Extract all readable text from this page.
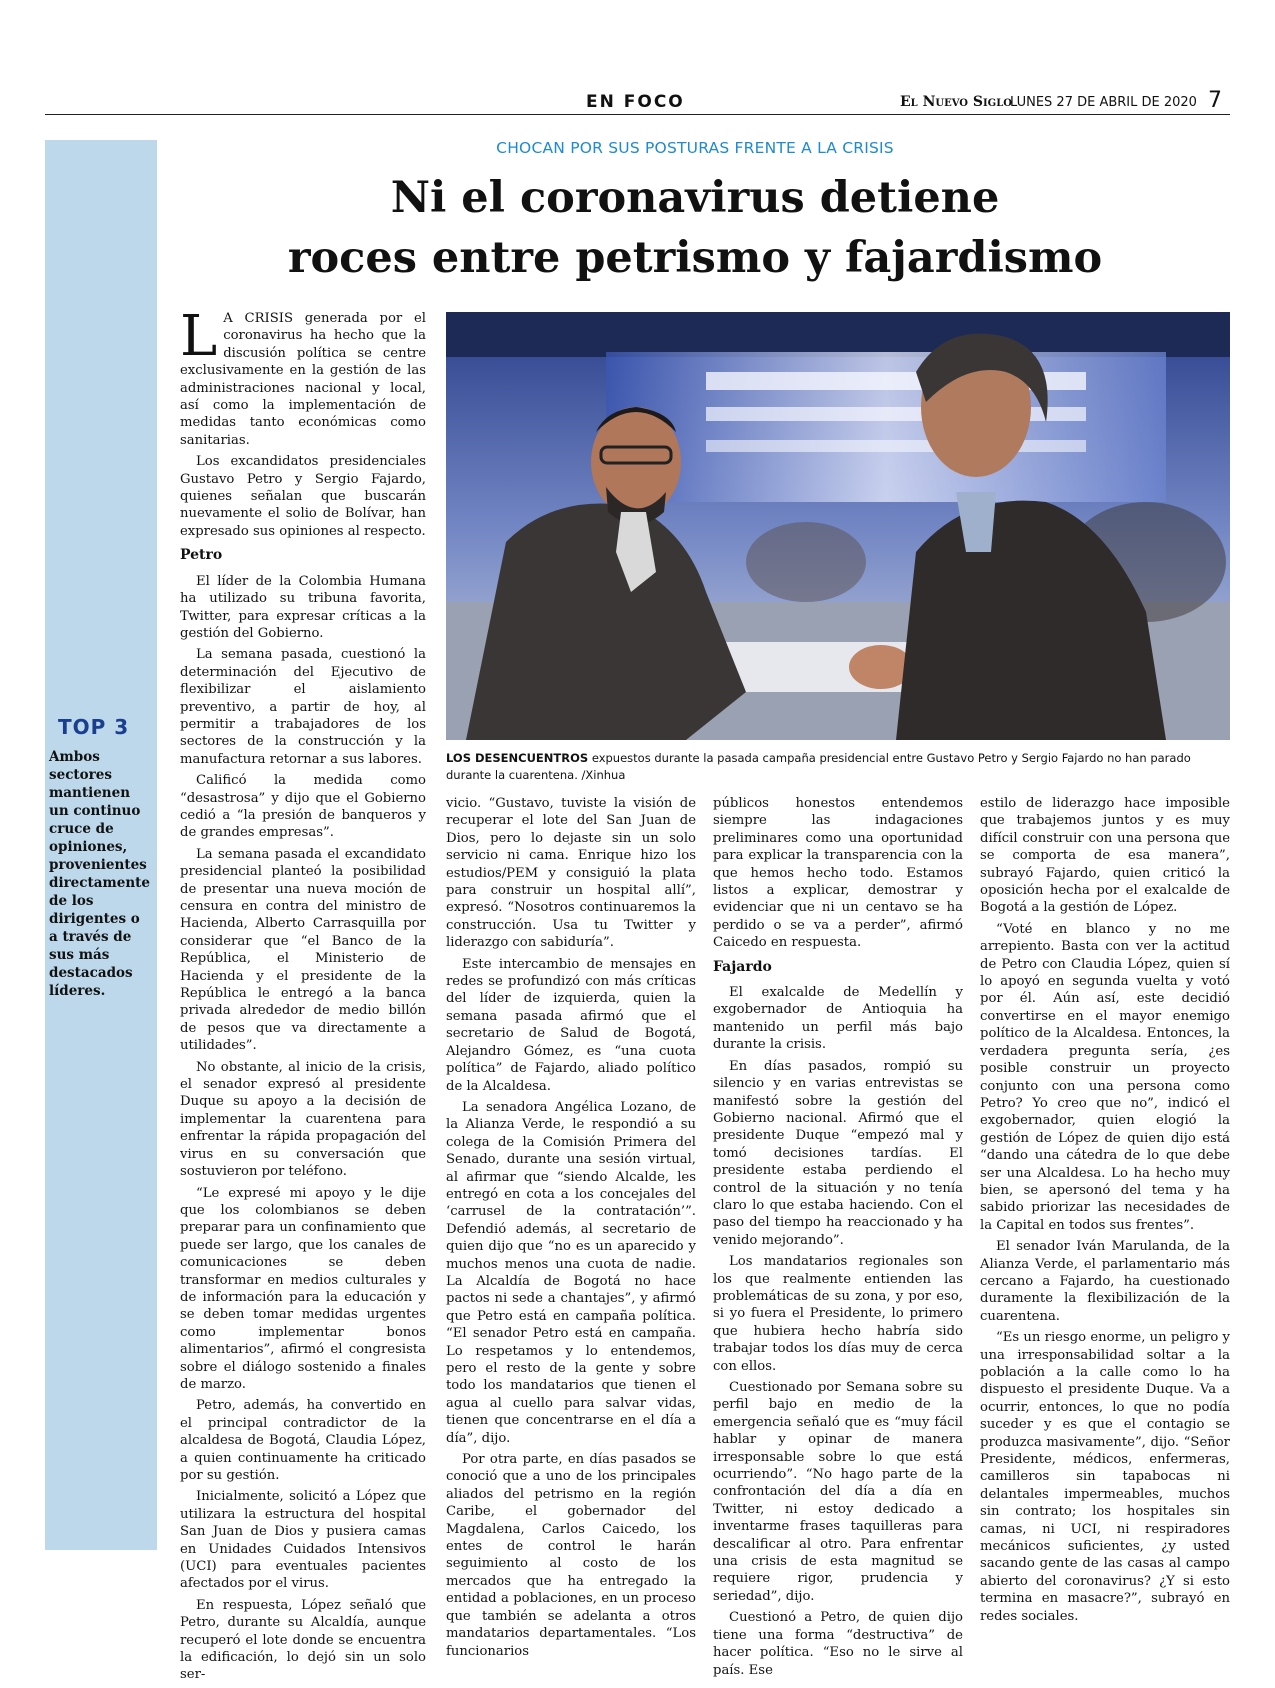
EN FOCO	El Nuevo Siglo
LUNES 27 DE ABRIL DE 2020 7
TOP 3
Ambos sectores mantienen un continuo cruce de opiniones, provenientes directamente de los dirigentes o a través de sus más destacados líderes.
CHOCAN POR SUS POSTURAS FRENTE A LA CRISIS
Ni el coronavirus detiene
roces entre petrismo y fajardismo
LOS DESENCUENTROS expuestos durante la pasada campaña presidencial entre Gustavo Petro y Sergio Fajardo no han parado durante la cuarentena. /Xinhua

L A CRISIS generada por el coronavirus ha hecho que la discusión política se centre exclusivamente en la gestión de las administraciones nacional y local, así como la implementación de medidas tanto económicas como sanitarias.

Los excandidatos presidenciales Gustavo Petro y Sergio Fajardo, quienes señalan que buscarán nuevamente el solio de Bolívar, han expresado sus opiniones al respecto.

Petro

El líder de la Colombia Humana ha utilizado su tribuna favorita, Twitter, para expresar críticas a la gestión del Gobierno.

La semana pasada, cuestionó la determinación del Ejecutivo de flexibilizar el aislamiento preventivo, a partir de hoy, al permitir a trabajadores de los sectores de la construcción y la manufactura retornar a sus labores.

Calificó la medida como “desastrosa” y dijo que el Gobierno cedió a “la presión de banqueros y de grandes empresas”.

La semana pasada el excandidato presidencial planteó la posibilidad de presentar una nueva moción de censura en contra del ministro de Hacienda, Alberto Carrasquilla por considerar que “el Banco de la República, el Ministerio de Hacienda y el presidente de la República le entregó a la banca privada alrededor de medio billón de pesos que va directamente a utilidades”.

No obstante, al inicio de la crisis, el senador expresó al presidente Duque su apoyo a la decisión de implementar la cuarentena para enfrentar la rápida propagación del virus en su conversación que sostuvieron por teléfono.

“Le expresé mi apoyo y le dije que los colombianos se deben preparar para un confinamiento que puede ser largo, que los canales de comunicaciones se deben transformar en medios culturales y de información para la educación y se deben tomar medidas urgentes como implementar bonos alimentarios”, afirmó el congresista sobre el diálogo sostenido a finales de marzo.

Petro, además, ha convertido en el principal contradictor de la alcaldesa de Bogotá, Claudia López, a quien continuamente ha criticado por su gestión.

Inicialmente, solicitó a López que utilizara la estructura del hospital San Juan de Dios y pusiera camas en Unidades Cuidados Intensivos (UCI) para eventuales pacientes afectados por el virus.

En respuesta, López señaló que Petro, durante su Alcaldía, aunque recuperó el lote donde se encuentra la edificación, lo dejó sin un solo ser-

vicio. “Gustavo, tuviste la visión de recuperar el lote del San Juan de Dios, pero lo dejaste sin un solo servicio ni cama. Enrique hizo los estudios/PEM y consiguió la plata para construir un hospital allí”, expresó. “Nosotros continuaremos la construcción. Usa tu Twitter y liderazgo con sabiduría”.

Este intercambio de mensajes en redes se profundizó con más críticas del líder de izquierda, quien la semana pasada afirmó que el secretario de Salud de Bogotá, Alejandro Gómez, es “una cuota política” de Fajardo, aliado político de la Alcaldesa.

La senadora Angélica Lozano, de la Alianza Verde, le respondió a su colega de la Comisión Primera del Senado, durante una sesión virtual, al afirmar que “siendo Alcalde, les entregó en cota a los concejales del ‘carrusel de la contratación’”. Defendió además, al secretario de quien dijo que “no es un aparecido y muchos menos una cuota de nadie. La Alcaldía de Bogotá no hace pactos ni sede a chantajes”, y afirmó que Petro está en campaña política. “El senador Petro está en campaña. Lo respetamos y lo entendemos, pero el resto de la gente y sobre todo los mandatarios que tienen el agua al cuello para salvar vidas, tienen que concentrarse en el día a día”, dijo.

Por otra parte, en días pasados se conoció que a uno de los principales aliados del petrismo en la región Caribe, el gobernador del Magdalena, Carlos Caicedo, los entes de control le harán seguimiento al costo de los mercados que ha entregado la entidad a poblaciones, en un proceso que también se adelanta a otros mandatarios departamentales. “Los funcionarios

públicos honestos entendemos siempre las indagaciones preliminares como una oportunidad para explicar la transparencia con la que hemos hecho todo. Estamos listos a explicar, demostrar y evidenciar que ni un centavo se ha perdido o se va a perder”, afirmó Caicedo en respuesta.

Fajardo

El exalcalde de Medellín y exgobernador de Antioquia ha mantenido un perfil más bajo durante la crisis.

En días pasados, rompió su silencio y en varias entrevistas se manifestó sobre la gestión del Gobierno nacional. Afirmó que el presidente Duque “empezó mal y tomó decisiones tardías. El presidente estaba perdiendo el control de la situación y no tenía claro lo que estaba haciendo. Con el paso del tiempo ha reaccionado y ha venido mejorando”.

Los mandatarios regionales son los que realmente entienden las problemáticas de su zona, y por eso, si yo fuera el Presidente, lo primero que hubiera hecho habría sido trabajar todos los días muy de cerca con ellos.

Cuestionado por Semana sobre su perfil bajo en medio de la emergencia señaló que es “muy fácil hablar y opinar de manera irresponsable sobre lo que está ocurriendo”. “No hago parte de la confrontación del día a día en Twitter, ni estoy dedicado a inventarme frases taquilleras para descalificar al otro. Para enfrentar una crisis de esta magnitud se requiere rigor, prudencia y seriedad”, dijo.

Cuestionó a Petro, de quien dijo tiene una forma “destructiva” de hacer política. “Eso no le sirve al país. Ese

estilo de liderazgo hace imposible que trabajemos juntos y es muy difícil construir con una persona que se comporta de esa manera”, subrayó Fajardo, quien criticó la oposición hecha por el exalcalde de Bogotá a la gestión de López.

“Voté en blanco y no me arrepiento. Basta con ver la actitud de Petro con Claudia López, quien sí lo apoyó en segunda vuelta y votó por él. Aún así, este decidió convertirse en el mayor enemigo político de la Alcaldesa. Entonces, la verdadera pregunta sería, ¿es posible construir un proyecto conjunto con una persona como Petro? Yo creo que no”, indicó el exgobernador, quien elogió la gestión de López de quien dijo está “dando una cátedra de lo que debe ser una Alcaldesa. Lo ha hecho muy bien, se apersonó del tema y ha sabido priorizar las necesidades de la Capital en todos sus frentes”.

El senador Iván Marulanda, de la Alianza Verde, el parlamentario más cercano a Fajardo, ha cuestionado duramente la flexibilización de la cuarentena.

“Es un riesgo enorme, un peligro y una irresponsabilidad soltar a la población a la calle como lo ha dispuesto el presidente Duque. Va a ocurrir, entonces, lo que no podía suceder y es que el contagio se produzca masivamente”, dijo. “Señor Presidente, médicos, enfermeras, camilleros sin tapabocas ni delantales impermeables, muchos sin contrato; los hospitales sin camas, ni UCI, ni respiradores mecánicos suficientes, ¿y usted sacando gente de las casas al campo abierto del coronavirus? ¿Y si esto termina en masacre?”, subrayó en redes sociales.
